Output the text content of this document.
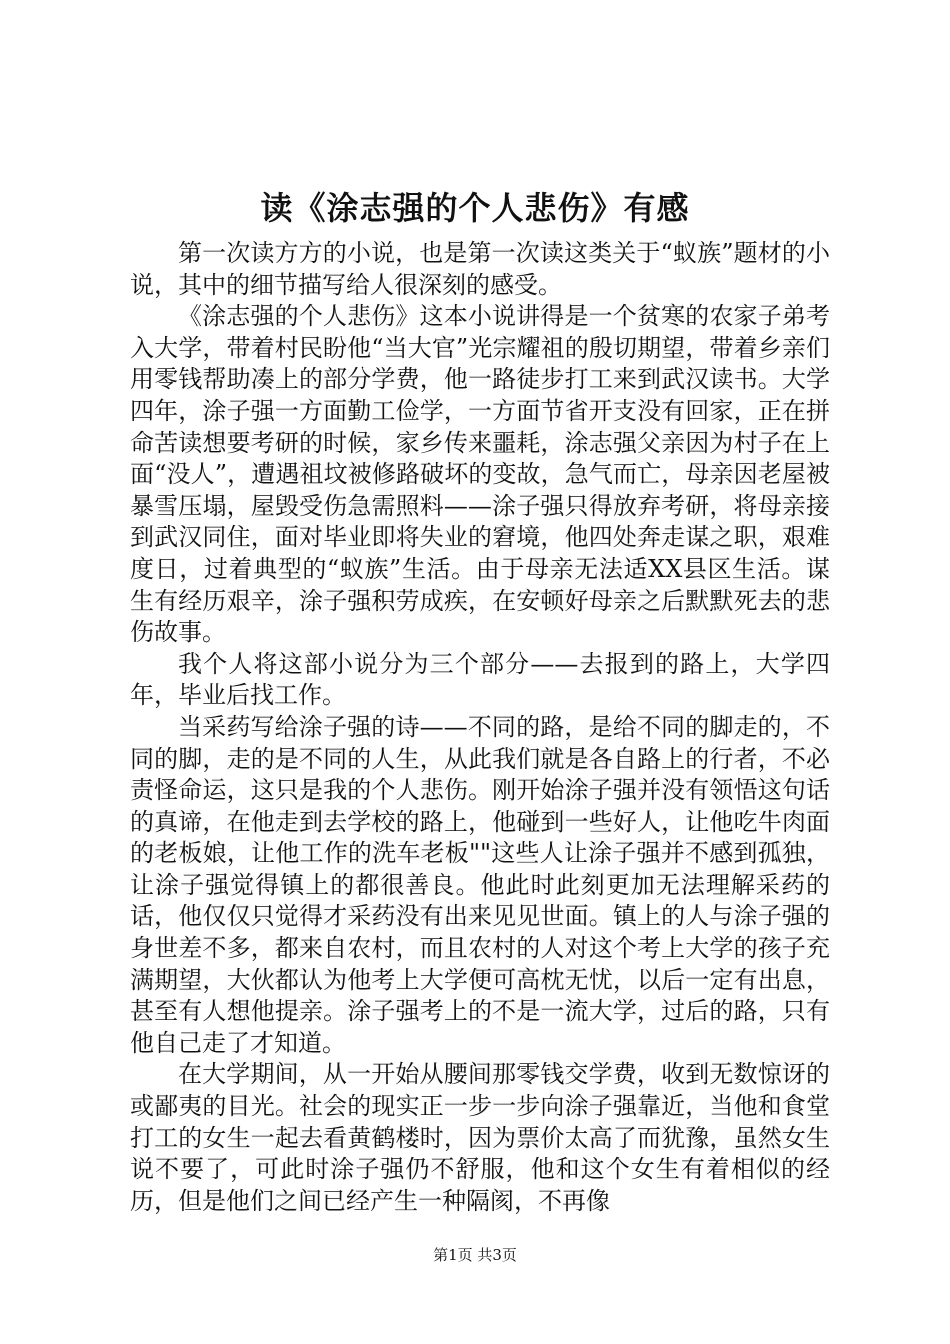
读《涂志强的个人悲伤》有感

第一次读方方的小说，也是第一次读这类关于“蚁族”题材的小说，其中的细节描写给人很深刻的感受。

《涂志强的个人悲伤》这本小说讲得是一个贫寒的农家子弟考入大学，带着村民盼他“当大官”光宗耀祖的殷切期望，带着乡亲们用零钱帮助凑上的部分学费，他一路徒步打工来到武汉读书。大学四年，涂子强一方面勤工俭学，一方面节省开支没有回家，正在拼命苦读想要考研的时候，家乡传来噩耗，涂志强父亲因为村子在上面“没人”，遭遇祖坟被修路破坏的变故，急气而亡，母亲因老屋被暴雪压塌，屋毁受伤急需照料——涂子强只得放弃考研，将母亲接到武汉同住，面对毕业即将失业的窘境，他四处奔走谋之职，艰难度日，过着典型的“蚁族”生活。由于母亲无法适XX县区生活。谋生有经历艰辛，涂子强积劳成疾，在安顿好母亲之后默默死去的悲伤故事。

我个人将这部小说分为三个部分——去报到的路上，大学四年，毕业后找工作。

当采药写给涂子强的诗——不同的路，是给不同的脚走的，不同的脚，走的是不同的人生，从此我们就是各自路上的行者，不必责怪命运，这只是我的个人悲伤。刚开始涂子强并没有领悟这句话的真谛，在他走到去学校的路上，他碰到一些好人，让他吃牛肉面的老板娘，让他工作的洗车老板""这些人让涂子强并不感到孤独，让涂子强觉得镇上的都很善良。他此时此刻更加无法理解采药的话，他仅仅只觉得才采药没有出来见见世面。镇上的人与涂子强的身世差不多，都来自农村，而且农村的人对这个考上大学的孩子充满期望，大伙都认为他考上大学便可高枕无忧，以后一定有出息，甚至有人想他提亲。涂子强考上的不是一流大学，过后的路，只有他自己走了才知道。

在大学期间，从一开始从腰间那零钱交学费，收到无数惊讶的或鄙夷的目光。社会的现实正一步一步向涂子强靠近，当他和食堂打工的女生一起去看黄鹤楼时，因为票价太高了而犹豫，虽然女生说不要了，可此时涂子强仍不舒服，他和这个女生有着相似的经历，但是他们之间已经产生一种隔阂，不再像

第1页 共3页
